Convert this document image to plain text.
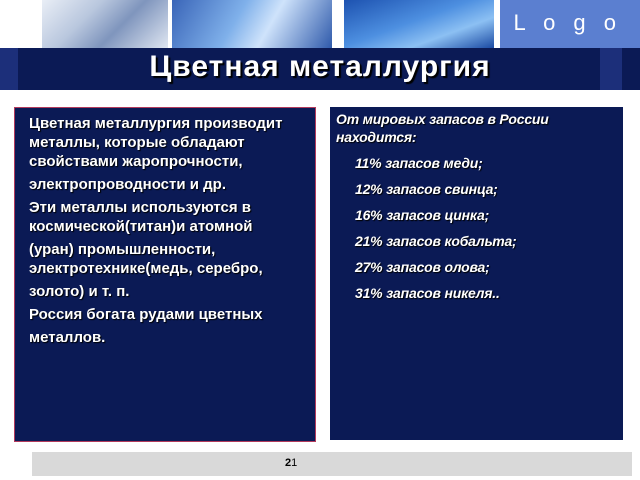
L o g o
Цветная металлургия

Цветная металлургия производит металлы, которые обладают свойствами жаропрочности,

электропроводности и др.

Эти металлы используются в космической(титан)и атомной

(уран) промышленности, электротехнике(медь, серебро,

золото) и т. п.

Россия богата рудами цветных

металлов.

От мировых запасов в России находится:

11% запасов меди;

12% запасов свинца;

16% запасов цинка;

21% запасов кобальта;

27% запасов олова;

31% запасов никеля..

21
